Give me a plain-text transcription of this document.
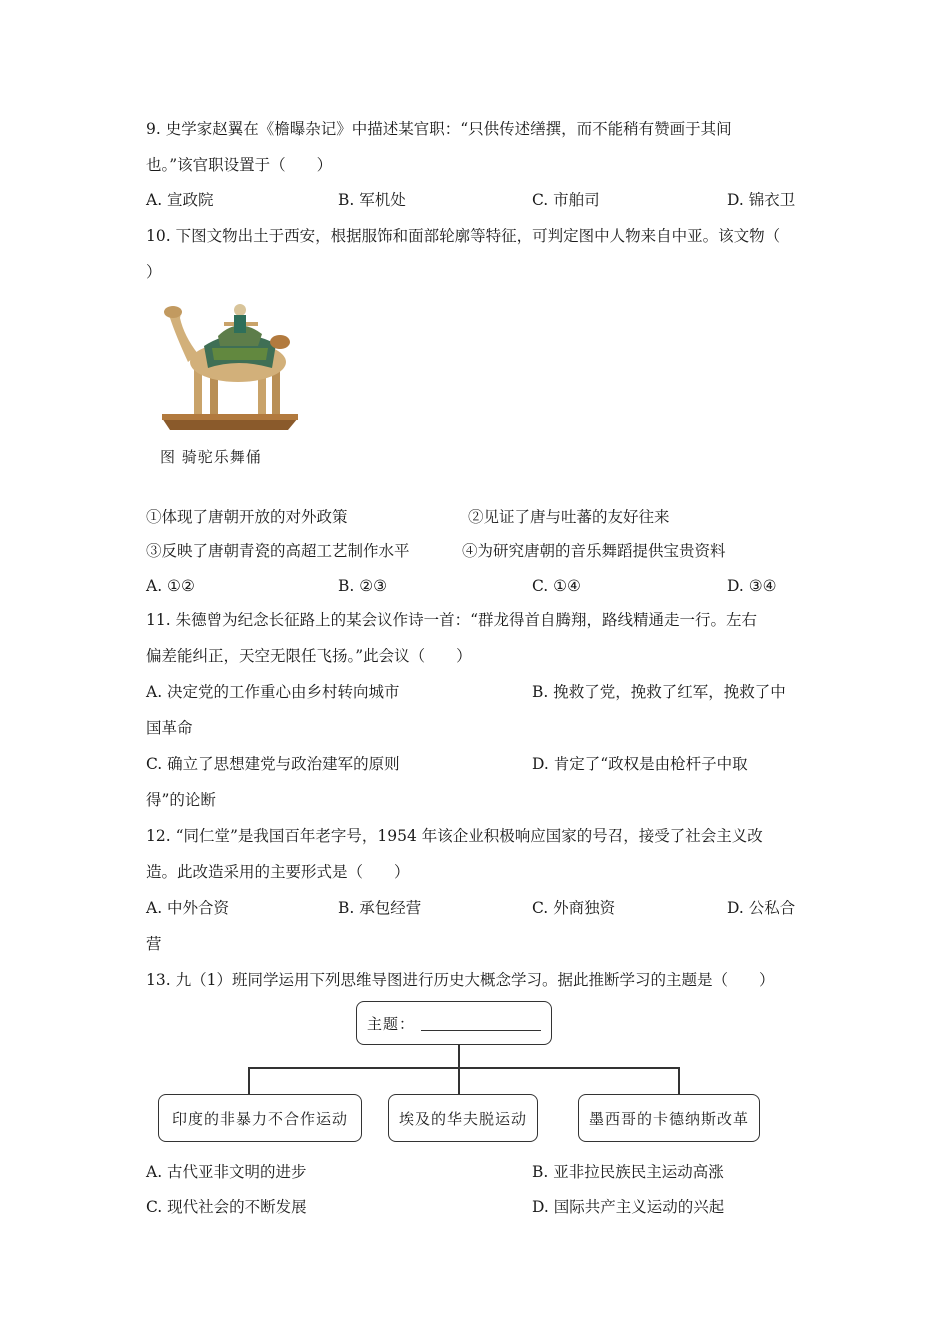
9. 史学家赵翼在《檐曝杂记》中描述某官职：“只供传述缮撰，而不能稍有赞画于其间
也。”该官职设置于（　　）
A. 宣政院	B. 军机处	C. 市舶司	D. 锦衣卫
10. 下图文物出土于西安，根据服饰和面部轮廓等特征，可判定图中人物来自中亚。该文物（
）
图 骑驼乐舞俑
①体现了唐朝开放的对外政策	②见证了唐与吐蕃的友好往来
③反映了唐朝青瓷的高超工艺制作水平	④为研究唐朝的音乐舞蹈提供宝贵资料
A. ①②	B. ②③	C. ①④	D. ③④
11. 朱德曾为纪念长征路上的某会议作诗一首：“群龙得首自腾翔，路线精通走一行。左右
偏差能纠正，天空无限任飞扬。”此会议（　　）
A. 决定党的工作重心由乡村转向城市	B. 挽救了党，挽救了红军，挽救了中
国革命
C. 确立了思想建党与政治建军的原则	D. 肯定了“政权是由枪杆子中取
得”的论断
12. “同仁堂”是我国百年老字号，1954 年该企业积极响应国家的号召，接受了社会主义改
造。此改造采用的主要形式是（　　）
A. 中外合资	B. 承包经营	C. 外商独资	D. 公私合
营
13. 九（1）班同学运用下列思维导图进行历史大概念学习。据此推断学习的主题是（　　）
主题：
印度的非暴力不合作运动	埃及的华夫脱运动	墨西哥的卡德纳斯改革
A. 古代亚非文明的进步	B. 亚非拉民族民主运动高涨
C. 现代社会的不断发展	D. 国际共产主义运动的兴起
